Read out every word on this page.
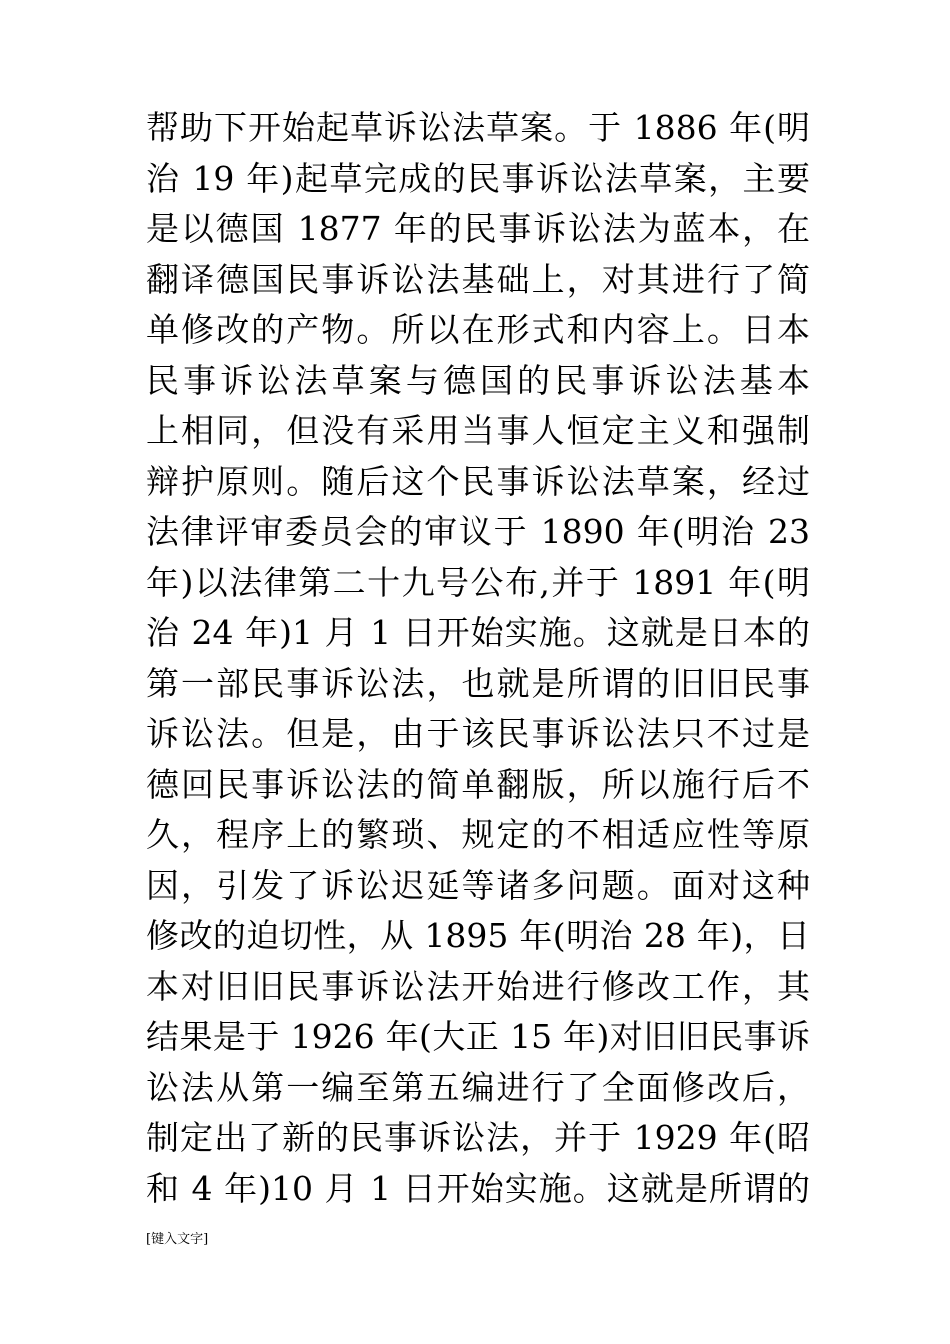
帮助下开始起草诉讼法草案。于 1886 年(明
治 19 年)起草完成的民事诉讼法草案，主要
是以德国 1877 年的民事诉讼法为蓝本，在
翻译德国民事诉讼法基础上，对其进行了简
单修改的产物。所以在形式和内容上。日本
民事诉讼法草案与德国的民事诉讼法基本
上相同，但没有采用当事人恒定主义和强制
辩护原则。随后这个民事诉讼法草案，经过
法律评审委员会的审议于 1890 年(明治 23
年)以法律第二十九号公布,并于 1891 年(明
治 24 年)1 月 1 日开始实施。这就是日本的
第一部民事诉讼法，也就是所谓的旧旧民事
诉讼法。但是，由于该民事诉讼法只不过是
德回民事诉讼法的简单翻版，所以施行后不
久，程序上的繁琐、规定的不相适应性等原
因，引发了诉讼迟延等诸多问题。面对这种
修改的迫切性，从 1895 年(明治 28 年)，日
本对旧旧民事诉讼法开始进行修改工作，其
结果是于 1926 年(大正 15 年)对旧旧民事诉
讼法从第一编至第五编进行了全面修改后，
制定出了新的民事诉讼法，并于 1929 年(昭
和 4 年)10 月 1 日开始实施。这就是所谓的
[键入文字]
